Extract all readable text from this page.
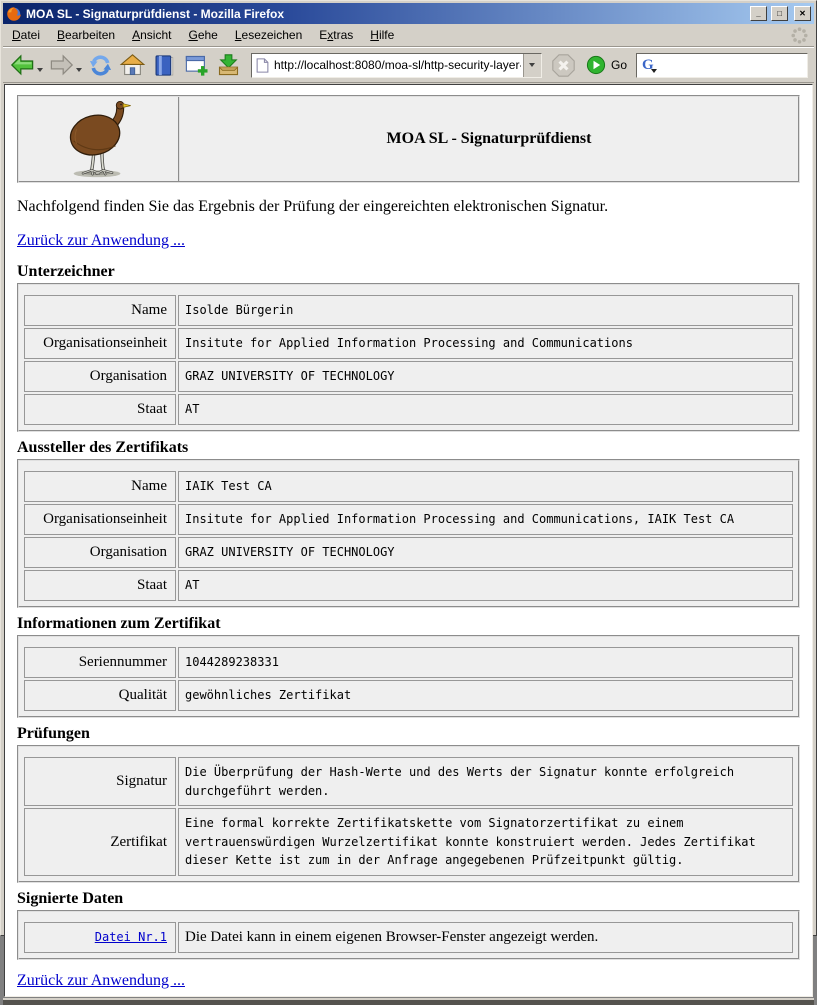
MOA SL - Signaturprüfdienst - Mozilla Firefox	_	□	✕
Datei Bearbeiten Ansicht Gehe Lesezeichen Extras Hilfe
http://localhost:8080/moa-sl/http-security-layer-requ
Go G
MOA SL - Signaturprüfdienst
Nachfolgend finden Sie das Ergebnis der Prüfung der eingereichten elektronischen Signatur.
Zurück zur Anwendung ...
Unterzeichner
Name	Isolde Bürgerin
Organisationseinheit	Insitute for Applied Information Processing and Communications
Organisation	GRAZ UNIVERSITY OF TECHNOLOGY
Staat	AT
Aussteller des Zertifikats
Name	IAIK Test CA
Organisationseinheit	Insitute for Applied Information Processing and Communications, IAIK Test CA
Organisation	GRAZ UNIVERSITY OF TECHNOLOGY
Staat	AT
Informationen zum Zertifikat
Seriennummer	1044289238331
Qualität	gewöhnliches Zertifikat
Prüfungen
Signatur	Die Überprüfung der Hash-Werte und des Werts der Signatur konnte erfolgreich durchgeführt werden.
Zertifikat	Eine formal korrekte Zertifikatskette vom Signatorzertifikat zu einem vertrauenswürdigen Wurzelzertifikat konnte konstruiert werden. Jedes Zertifikat dieser Kette ist zum in der Anfrage angegebenen Prüfzeitpunkt gültig.
Signierte Daten
Datei Nr.1	Die Datei kann in einem eigenen Browser-Fenster angezeigt werden.
Zurück zur Anwendung ...
